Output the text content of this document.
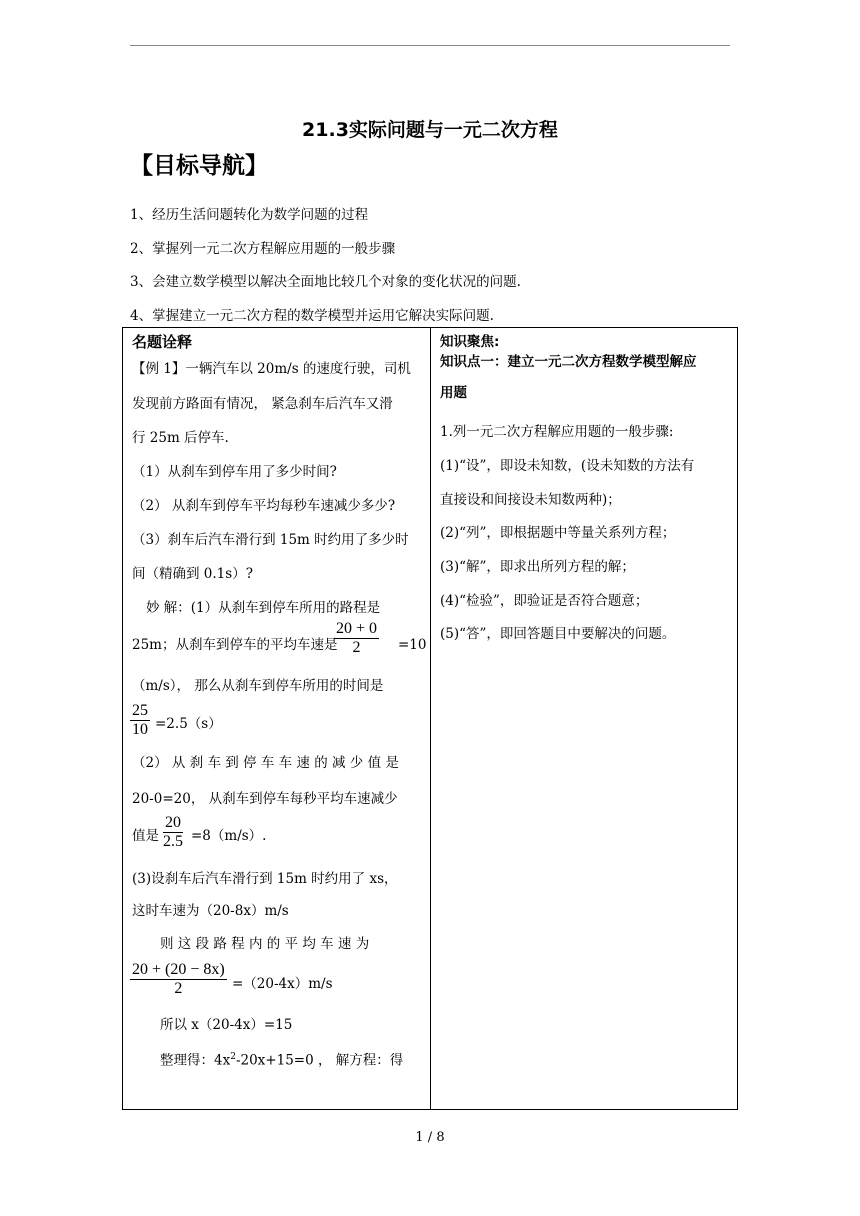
21.3实际问题与一元二次方程
【目标导航】
1、经历生活问题转化为数学问题的过程
2、掌握列一元二次方程解应用题的一般步骤
3、会建立数学模型以解决全面地比较几个对象的变化状况的问题.
4、掌握建立一元二次方程的数学模型并运用它解决实际问题.
名题诠释
【例 1】一辆汽车以 20m/s 的速度行驶，司机
发现前方路面有情况， 紧急刹车后汽车又滑
行 25m 后停车.
（1）从刹车到停车用了多少时间?
（2） 从刹车到停车平均每秒车速减少多少?
（3）刹车后汽车滑行到 15m 时约用了多少时
间（精确到 0.1s）?
妙 解：(1）从刹车到停车所用的路程是
25m；从刹车到停车的平均车速是
$\frac{20 + 0}{2} =10$
（m/s）， 那么从刹车到停车所用的时间是
$\frac{25}{10} =2.5(s)$
（2） 从 刹 车 到 停 车 车 速 的 减 少 值 是
20-0=20， 从刹车到停车每秒平均车速减少
值是 $\frac{20}{2.5} =8(m/s)$.
(3)设刹车后汽车滑行到 15m 时约用了 xs，
这时车速为（20-8x）m/s
则 这 段 路 程 内 的 平 均 车 速 为
$\frac{20 + (20 - 8x)}{2} =(20-4x)m/s$
所以 x（20-4x）=15
整理得：$4x^2-20x+15=0$ ， 解方程：得
知识聚焦:
知识点一：建立一元二次方程数学模型解应
用题
1.列一元二次方程解应用题的一般步骤:
(1)“设”，即设未知数，(设未知数的方法有
直接设和间接设未知数两种)；
(2)“列”，即根据题中等量关系列方程；
(3)“解”，即求出所列方程的解；
(4)“检验”，即验证是否符合题意；
(5)“答”，即回答题目中要解决的问题。
1 / 8
